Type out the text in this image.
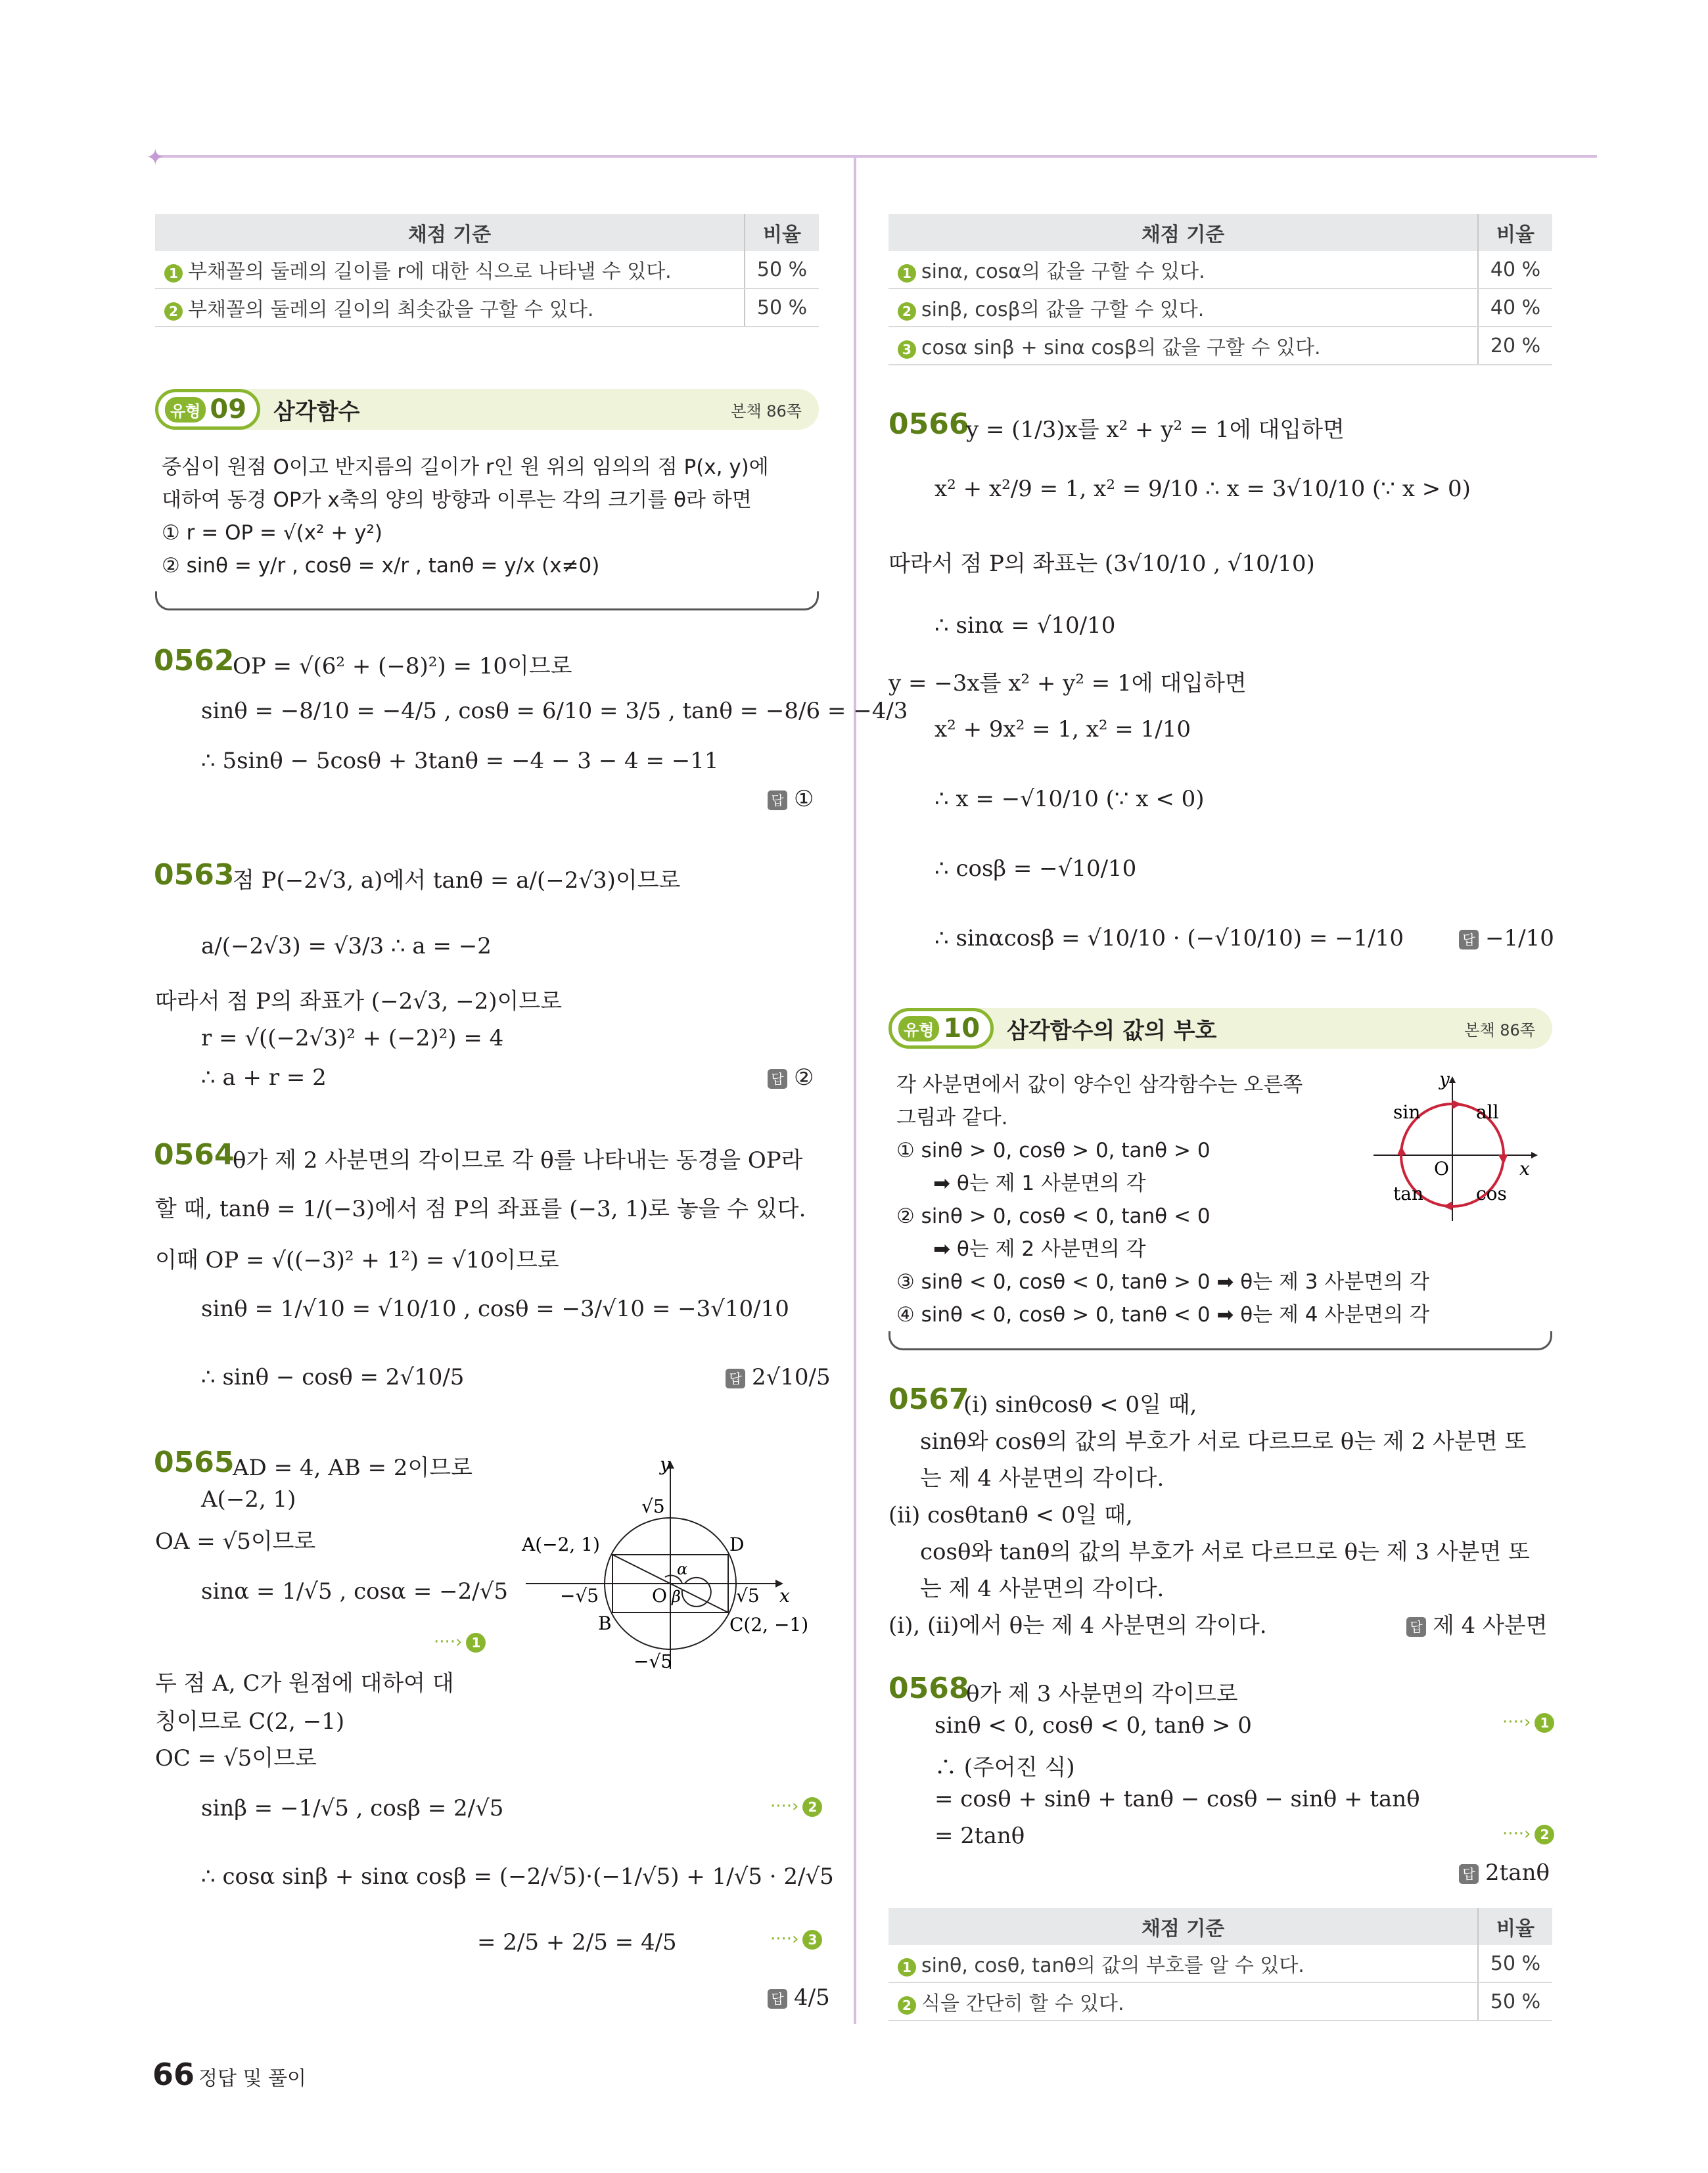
✦
채점 기준	비율
1 부채꼴의 둘레의 길이를 r에 대한 식으로 나타낼 수 있다.	50 %
2 부채꼴의 둘레의 길이의 최솟값을 구할 수 있다.	50 %
유형 09 삼각함수	본책 86쪽
중심이 원점 O이고 반지름의 길이가 r인 원 위의 임의의 점 P(x, y)에
대하여 동경 OP가 x축의 양의 방향과 이루는 각의 크기를 θ라 하면
① r = OP = √(x² + y²)
② sinθ = y/r , cosθ = x/r , tanθ = y/x (x≠0)
0562
OP = √(6² + (−8)²) = 10이므로
sinθ = −8/10 = −4/5 , cosθ = 6/10 = 3/5 , tanθ = −8/6 = −4/3
∴ 5sinθ − 5cosθ + 3tanθ = −4 − 3 − 4 = −11
답 ①
0563
점 P(−2√3, a)에서 tanθ = a/(−2√3)이므로
a/(−2√3) = √3/3 ∴ a = −2
따라서 점 P의 좌표가 (−2√3, −2)이므로
r = √((−2√3)² + (−2)²) = 4
∴ a + r = 2	답 ②
0564
θ가 제 2 사분면의 각이므로 각 θ를 나타내는 동경을 OP라
할 때, tanθ = 1/(−3)에서 점 P의 좌표를 (−3, 1)로 놓을 수 있다.
이때 OP = √((−3)² + 1²) = √10이므로
sinθ = 1/√10 = √10/10 , cosθ = −3/√10 = −3√10/10
∴ sinθ − cosθ = 2√10/5	답 2√10/5
0565
AD = 4, AB = 2이므로
A(−2, 1)
OA = √5이므로
sinα = 1/√5 , cosα = −2/√5
····› 1
두 점 A, C가 원점에 대하여 대
칭이므로 C(2, −1)
OC = √5이므로
sinβ = −1/√5 , cosβ = 2/√5	····› 2
∴ cosα sinβ + sinα cosβ = (−2/√5)·(−1/√5) + 1/√5 · 2/√5
= 2/5 + 2/5 = 4/5	····› 3
답 4/5
y
x
√5
−√5
−√5	√5
A(−2, 1)
B	C(2, −1)
D
O
α
β
66 정답 및 풀이
채점 기준	비율
1 sinα, cosα의 값을 구할 수 있다.	40 %
2 sinβ, cosβ의 값을 구할 수 있다.	40 %
3 cosα sinβ + sinα cosβ의 값을 구할 수 있다.	20 %
0566
y = (1/3)x를 x² + y² = 1에 대입하면
x² + x²/9 = 1, x² = 9/10 ∴ x = 3√10/10 (∵ x > 0)
따라서 점 P의 좌표는 (3√10/10 , √10/10)
∴ sinα = √10/10
y = −3x를 x² + y² = 1에 대입하면
x² + 9x² = 1, x² = 1/10
∴ x = −√10/10 (∵ x < 0)
∴ cosβ = −√10/10
∴ sinαcosβ = √10/10 · (−√10/10) = −1/10	답 −1/10
유형 10 삼각함수의 값의 부호	본책 86쪽
각 사분면에서 값이 양수인 삼각함수는 오른쪽
그림과 같다.
① sinθ > 0, cosθ > 0, tanθ > 0
➡ θ는 제 1 사분면의 각
② sinθ > 0, cosθ < 0, tanθ < 0
➡ θ는 제 2 사분면의 각
③ sinθ < 0, cosθ < 0, tanθ > 0 ➡ θ는 제 3 사분면의 각
④ sinθ < 0, cosθ > 0, tanθ < 0 ➡ θ는 제 4 사분면의 각
sin	all
tan	cos
O	x
y
0567
(i) sinθcosθ < 0일 때,
sinθ와 cosθ의 값의 부호가 서로 다르므로 θ는 제 2 사분면 또
는 제 4 사분면의 각이다.
(ii) cosθtanθ < 0일 때,
cosθ와 tanθ의 값의 부호가 서로 다르므로 θ는 제 3 사분면 또
는 제 4 사분면의 각이다.
(i), (ii)에서 θ는 제 4 사분면의 각이다.	답 제 4 사분면
0568
θ가 제 3 사분면의 각이므로
sinθ < 0, cosθ < 0, tanθ > 0	····› 1
∴ (주어진 식)
= cosθ + sinθ + tanθ − cosθ − sinθ + tanθ
= 2tanθ	····› 2
답 2tanθ
채점 기준	비율
1 sinθ, cosθ, tanθ의 값의 부호를 알 수 있다.	50 %
2 식을 간단히 할 수 있다.	50 %
